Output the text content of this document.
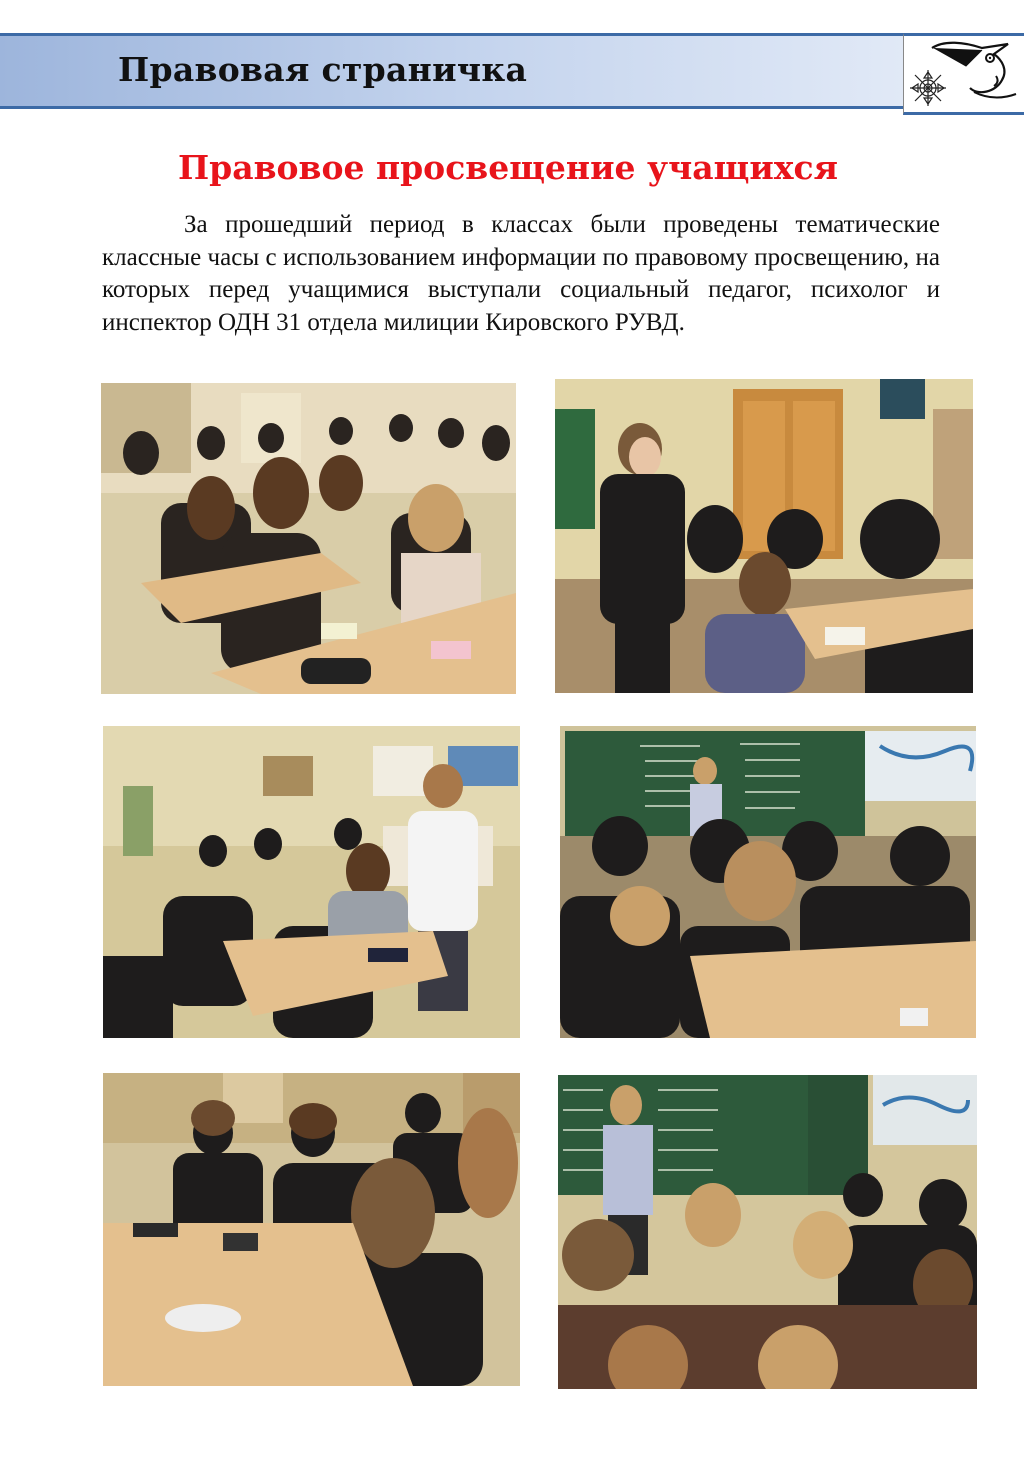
Правовая страничка
Правовое просвещение учащихся

За прошедший период в классах были проведены тематические классные часы с использованием информации по правовому просвещению, на которых перед учащимися выступали социальный педагог, психолог и инспектор ОДН 31 отдела милиции Кировского РУВД.
